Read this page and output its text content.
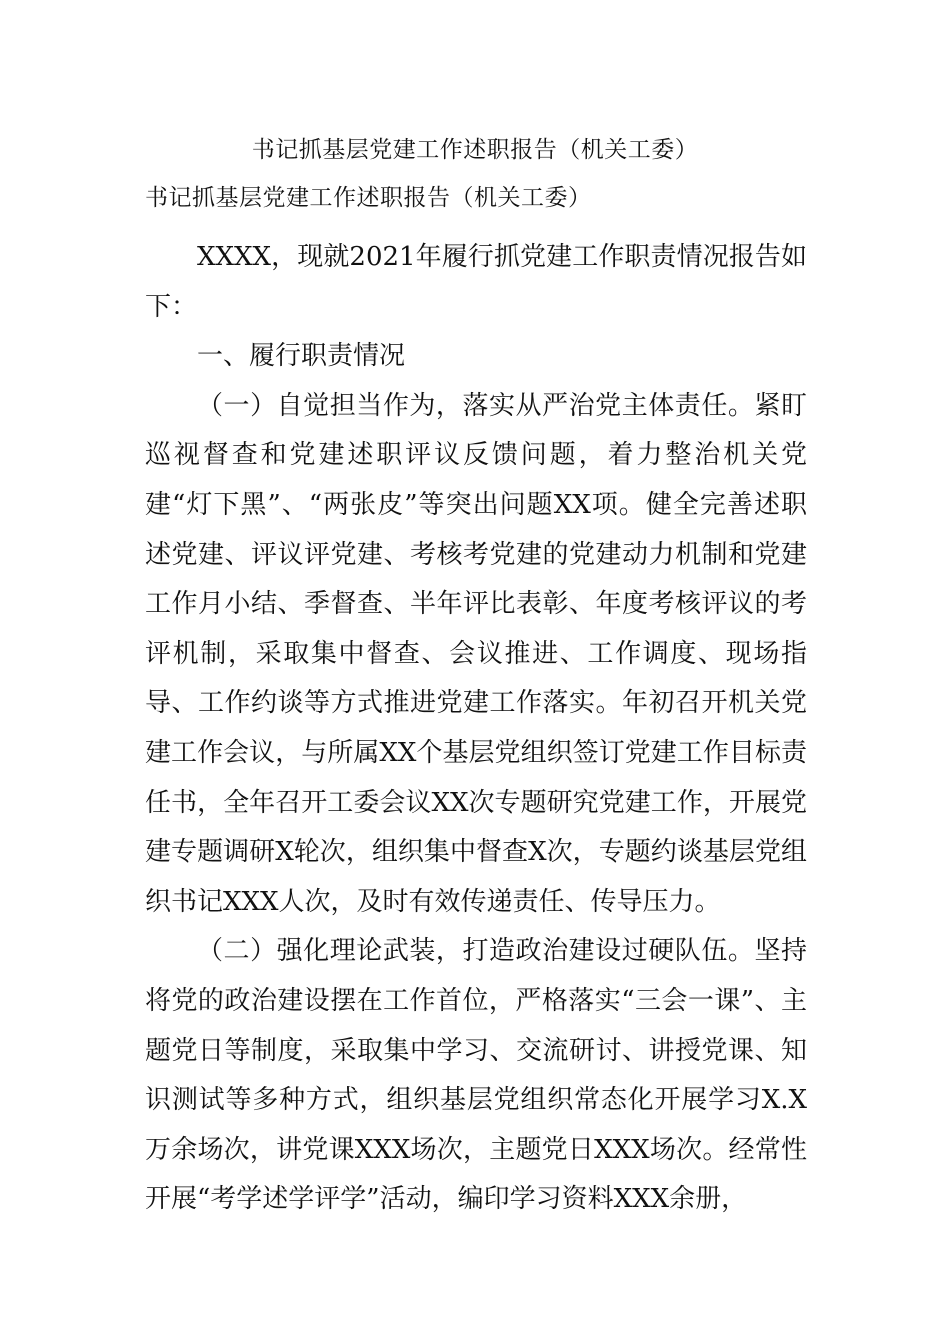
书记抓基层党建工作述职报告（机关工委）
书记抓基层党建工作述职报告（机关工委）

XXXX，现就2021年履行抓党建工作职责情况报告如下：

一、履行职责情况

（一）自觉担当作为，落实从严治党主体责任。紧盯巡视督查和党建述职评议反馈问题，着力整治机关党建“灯下黑”、“两张皮”等突出问题XX项。健全完善述职述党建、评议评党建、考核考党建的党建动力机制和党建工作月小结、季督查、半年评比表彰、年度考核评议的考评机制，采取集中督查、会议推进、工作调度、现场指导、工作约谈等方式推进党建工作落实。年初召开机关党建工作会议，与所属XX个基层党组织签订党建工作目标责任书，全年召开工委会议XX次专题研究党建工作，开展党建专题调研X轮次，组织集中督查X次，专题约谈基层党组织书记XXX人次，及时有效传递责任、传导压力。

（二）强化理论武装，打造政治建设过硬队伍。坚持将党的政治建设摆在工作首位，严格落实“三会一课”、主题党日等制度，采取集中学习、交流研讨、讲授党课、知识测试等多种方式，组织基层党组织常态化开展学习X.X万余场次，讲党课XXX场次，主题党日XXX场次。经常性开展“考学述学评学”活动，编印学习资料XXX余册，
